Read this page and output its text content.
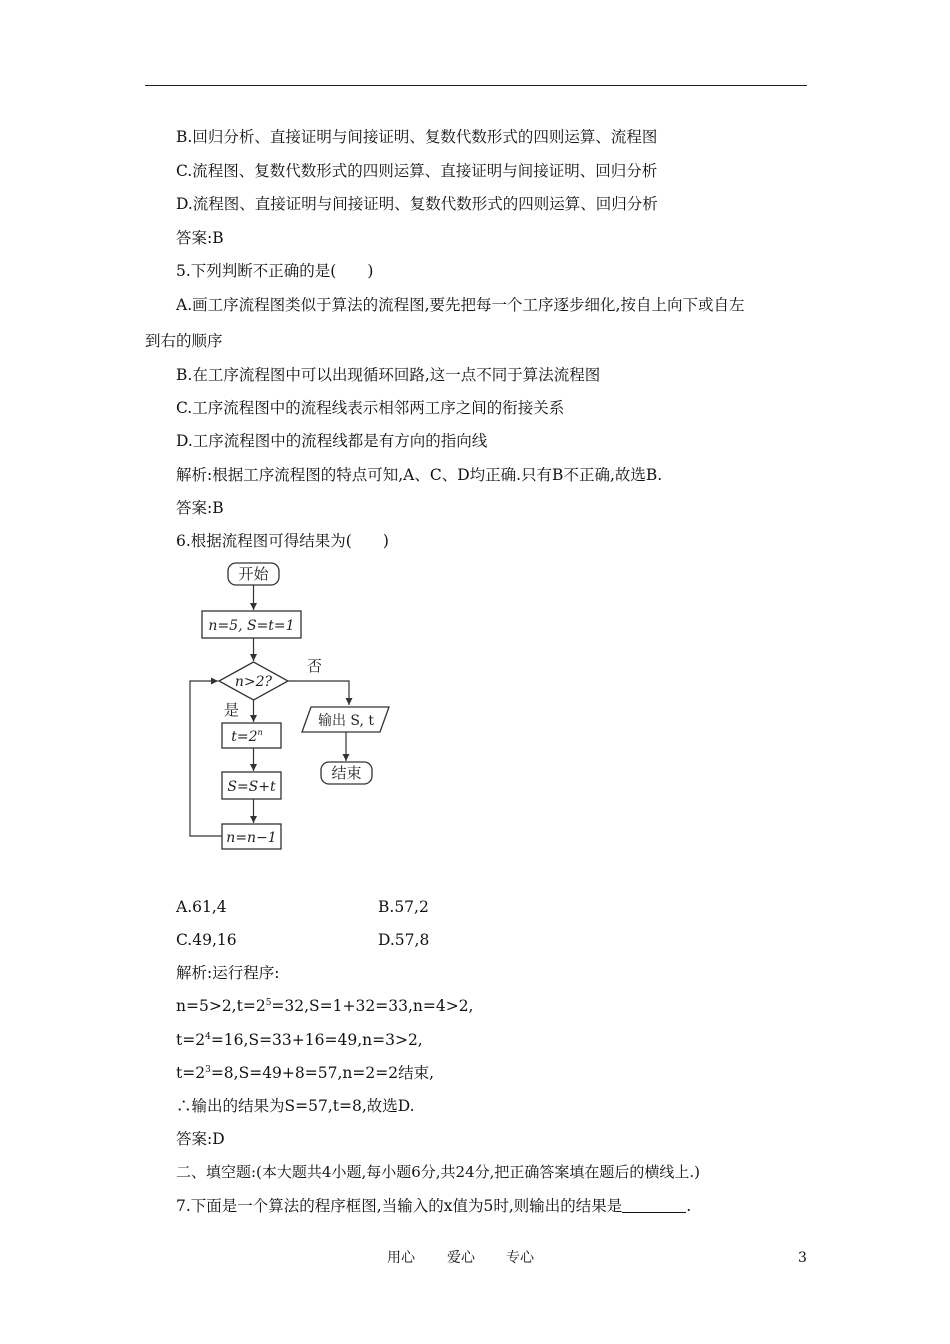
B.回归分析、直接证明与间接证明、复数代数形式的四则运算、流程图
C.流程图、复数代数形式的四则运算、直接证明与间接证明、回归分析
D.流程图、直接证明与间接证明、复数代数形式的四则运算、回归分析
答案:B
5.下列判断不正确的是(　　)
A.画工序流程图类似于算法的流程图,要先把每一个工序逐步细化,按自上向下或自左
到右的顺序
B.在工序流程图中可以出现循环回路,这一点不同于算法流程图
C.工序流程图中的流程线表示相邻两工序之间的衔接关系
D.工序流程图中的流程线都是有方向的指向线
解析:根据工序流程图的特点可知,A、C、D均正确.只有B不正确,故选B.
答案:B
6.根据流程图可得结果为(　　)
开始
n=5, S=t=1
n>2?
否
输出 S, t
结束
是
$t=2^n$
S=S+t
n=n−1
A.61,4	B.57,2
C.49,16	D.57,8
解析:运行程序:
$n=5>2,t=2^5=32,S=1+32=33,n=4>2$,
$t=2^4=16,S=33+16=49,n=3>2$,
$t=2^3=8,S=49+8=57,n=2=2$结束,
∴输出的结果为S=57,t=8,故选D.
答案:D
二、填空题:(本大题共4小题,每小题6分,共24分,把正确答案填在题后的横线上.)
7.下面是一个算法的程序框图,当输入的x值为5时,则输出的结果是	.
用心 爱心 专心	3
